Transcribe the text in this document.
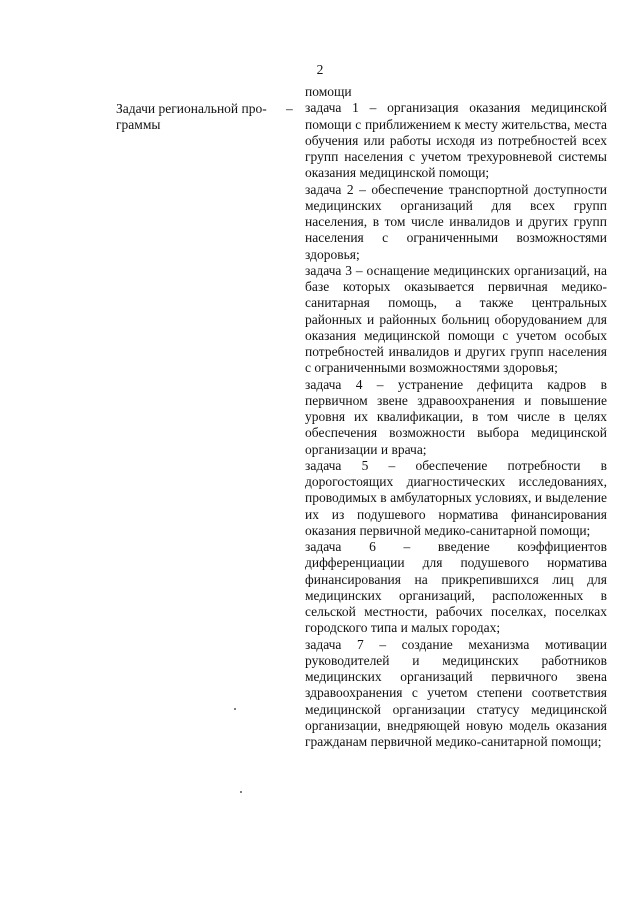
2
Задачи региональной про-
граммы
–

помощи

задача 1 – организация оказания медицинской помощи с приближением к месту жительства, места обучения или работы исходя из потребностей всех групп населения с учетом трехуровневой системы оказания медицинской помощи;

задача 2 – обеспечение транспортной доступности медицинских организаций для всех групп населения, в том числе инвалидов и других групп населения с ограниченными возможностями здоровья;

задача 3 – оснащение медицинских организаций, на базе которых оказывается первичная медико-санитарная помощь, а также центральных районных и районных больниц оборудованием для оказания медицинской помощи с учетом особых потребностей инвалидов и других групп населения с ограниченными возможностями здоровья;

задача 4 – устранение дефицита кадров в первичном звене здравоохранения и повышение уровня их квалификации, в том числе в целях обеспечения возможности выбора медицинской организации и врача;

задача 5 – обеспечение потребности в дорогостоящих диагностических исследованиях, проводимых в амбулаторных условиях, и выделение их из подушевого норматива финансирования оказания первичной медико-санитарной помощи;

задача 6 – введение коэффициентов дифференциации для подушевого норматива финансирования на прикрепившихся лиц для медицинских организаций, расположенных в сельской местности, рабочих поселках, поселках городского типа и малых городах;

задача 7 – создание механизма мотивации руководителей и медицинских работников медицинских организаций первичного звена здравоохранения с учетом степени соответствия медицинской организации статусу медицинской организации, внедряющей новую модель оказания гражданам первичной медико-санитарной помощи;
